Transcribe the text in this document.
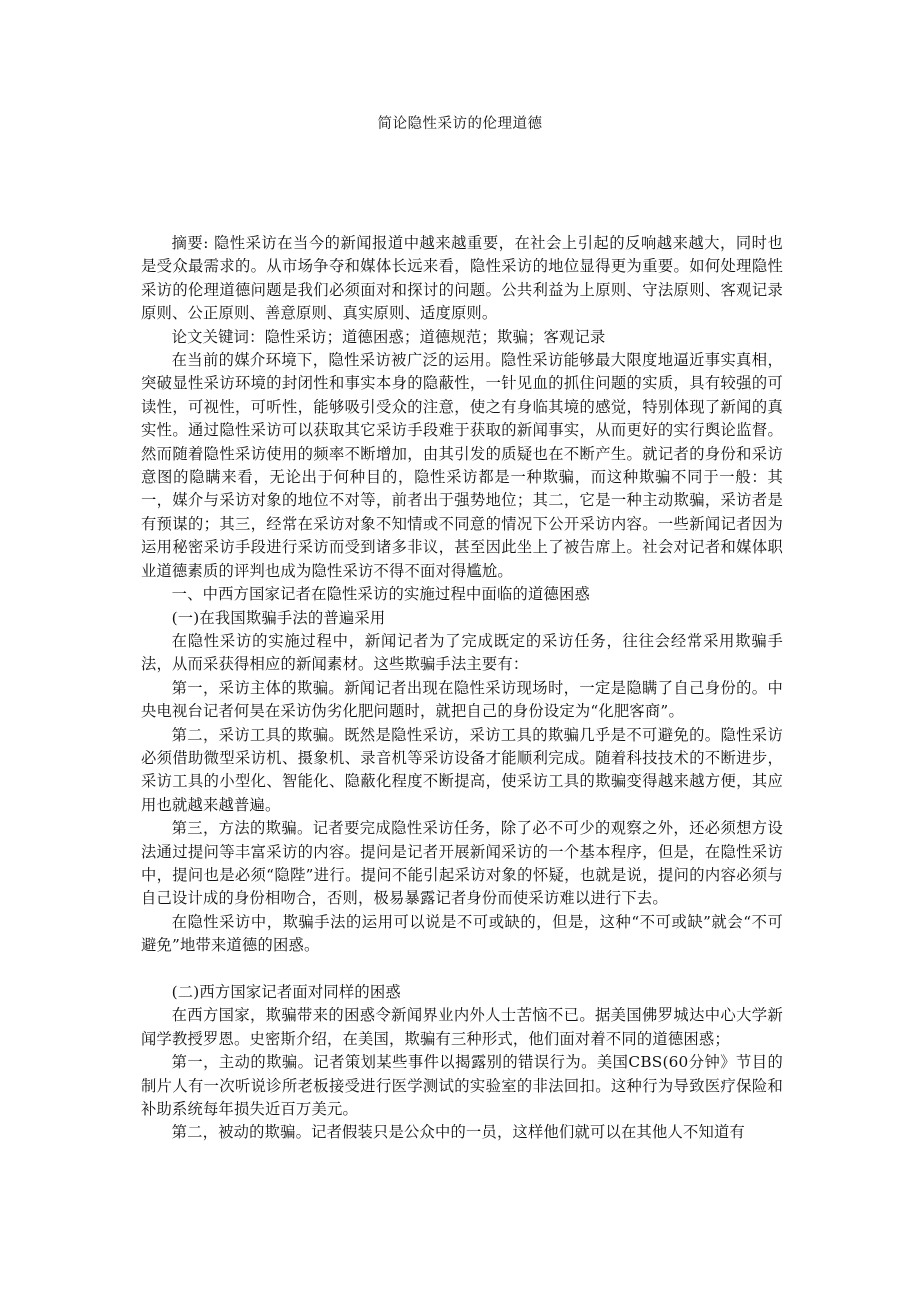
简论隐性采访的伦理道德

摘要: 隐性采访在当今的新闻报道中越来越重要，在社会上引起的反响越来越大，同时也是受众最需求的。从市场争夺和媒体长远来看，隐性采访的地位显得更为重要。如何处理隐性采访的伦理道德问题是我们必须面对和探讨的问题。公共利益为上原则、守法原则、客观记录原则、公正原则、善意原则、真实原则、适度原则。

论文关键词：隐性采访；道德困惑；道德规范；欺骗；客观记录

在当前的媒介环境下，隐性采访被广泛的运用。隐性采访能够最大限度地逼近事实真相，突破显性采访环境的封闭性和事实本身的隐蔽性，一针见血的抓住问题的实质，具有较强的可读性，可视性，可听性，能够吸引受众的注意，使之有身临其境的感觉，特别体现了新闻的真实性。通过隐性采访可以获取其它采访手段难于获取的新闻事实，从而更好的实行舆论监督。然而随着隐性采访使用的频率不断增加，由其引发的质疑也在不断产生。就记者的身份和采访意图的隐瞒来看，无论出于何种目的，隐性采访都是一种欺骗，而这种欺骗不同于一般：其一，媒介与采访对象的地位不对等，前者出于强势地位；其二，它是一种主动欺骗，采访者是有预谋的；其三，经常在采访对象不知情或不同意的情况下公开采访内容。一些新闻记者因为运用秘密采访手段进行采访而受到诸多非议，甚至因此坐上了被告席上。社会对记者和媒体职业道德素质的评判也成为隐性采访不得不面对得尴尬。

一、中西方国家记者在隐性采访的实施过程中面临的道德困惑

(一)在我国欺骗手法的普遍采用

在隐性采访的实施过程中，新闻记者为了完成既定的采访任务，往往会经常采用欺骗手法，从而采获得相应的新闻素材。这些欺骗手法主要有：

第一，采访主体的欺骗。新闻记者出现在隐性采访现场时，一定是隐瞒了自己身份的。中央电视台记者何昊在采访伪劣化肥问题时，就把自己的身份设定为“化肥客商”。

第二，采访工具的欺骗。既然是隐性采访，采访工具的欺骗几乎是不可避免的。隐性采访必须借助微型采访机、摄象机、录音机等采访设备才能顺利完成。随着科技技术的不断进步，采访工具的小型化、智能化、隐蔽化程度不断提高，使采访工具的欺骗变得越来越方便，其应用也就越来越普遍。

第三，方法的欺骗。记者要完成隐性采访任务，除了必不可少的观察之外，还必须想方设法通过提问等丰富采访的内容。提问是记者开展新闻采访的一个基本程序，但是，在隐性采访中，提问也是必须“隐陛”进行。提问不能引起采访对象的怀疑，也就是说，提问的内容必须与自己设计成的身份相吻合，否则，极易暴露记者身份而使采访难以进行下去。

在隐性采访中，欺骗手法的运用可以说是不可或缺的，但是，这种“不可或缺”就会“不可避免”地带来道德的困惑。

(二)西方国家记者面对同样的困惑

在西方国家，欺骗带来的困惑令新闻界业内外人士苦恼不已。据美国佛罗城达中心大学新闻学教授罗恩。史密斯介绍，在美国，欺骗有三种形式，他们面对着不同的道德困惑；

第一，主动的欺骗。记者策划某些事件以揭露别的错误行为。美国CBS(60分钟》节目的制片人有一次听说诊所老板接受进行医学测试的实验室的非法回扣。这种行为导致医疗保险和补助系统每年损失近百万美元。

第二，被动的欺骗。记者假装只是公众中的一员，这样他们就可以在其他人不知道有
